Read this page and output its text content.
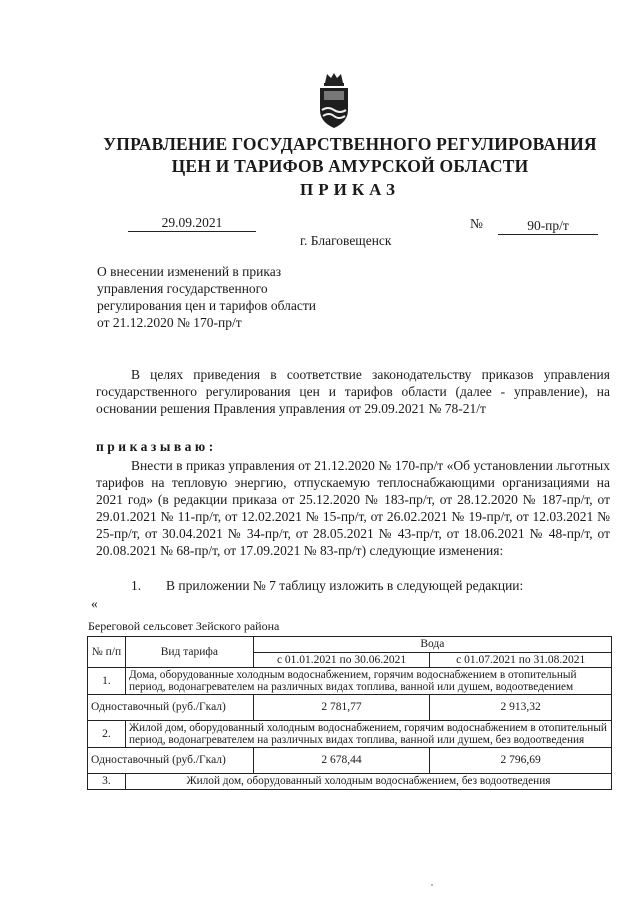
УПРАВЛЕНИЕ ГОСУДАРСТВЕННОГО РЕГУЛИРОВАНИЯ
ЦЕН И ТАРИФОВ АМУРСКОЙ ОБЛАСТИ
ПРИКАЗ
29.09.2021	№	90-пр/т
г. Благовещенск
О внесении изменений в приказ
управления государственного
регулирования цен и тарифов области
от 21.12.2020 № 170-пр/т
В целях приведения в соответствие законодательству приказов управления государственного регулирования цен и тарифов области (далее - управление), на основании решения Правления управления от 29.09.2021 № 78-21/т
приказываю:
Внести в приказ управления от 21.12.2020 № 170-пр/т «Об установлении льготных тарифов на тепловую энергию, отпускаемую теплоснабжающими организациями на 2021 год» (в редакции приказа от 25.12.2020 № 183-пр/т, от 28.12.2020 № 187-пр/т, от 29.01.2021 № 11-пр/т, от 12.02.2021 № 15-пр/т, от 26.02.2021 № 19-пр/т, от 12.03.2021 № 25-пр/т, от 30.04.2021 № 34-пр/т, от 28.05.2021 № 43-пр/т, от 18.06.2021 № 48-пр/т, от 20.08.2021 № 68-пр/т, от 17.09.2021 № 83-пр/т) следующие изменения:
1. В приложении № 7 таблицу изложить в следующей редакции:
«
Береговой сельсовет Зейского района
№ п/п	Вид тарифа	Вода	
		с 01.01.2021 по 30.06.2021	с 01.07.2021 по 31.08.2021
1.	Дома, оборудованные холодным водоснабжением, горячим водоснабжением в отопительный период, водонагревателем на различных видах топлива, ванной или душем, водоотведением		
Одноставочный (руб./Гкал)		2 781,77	2 913,32
2.	Жилой дом, оборудованный холодным водоснабжением, горячим водоснабжением в отопительный период, водонагревателем на различных видах топлива, ванной или душем, без водоотведения		
Одноставочный (руб./Гкал)		2 678,44	2 796,69
3.	Жилой дом, оборудованный холодным водоснабжением, без водоотведения		
